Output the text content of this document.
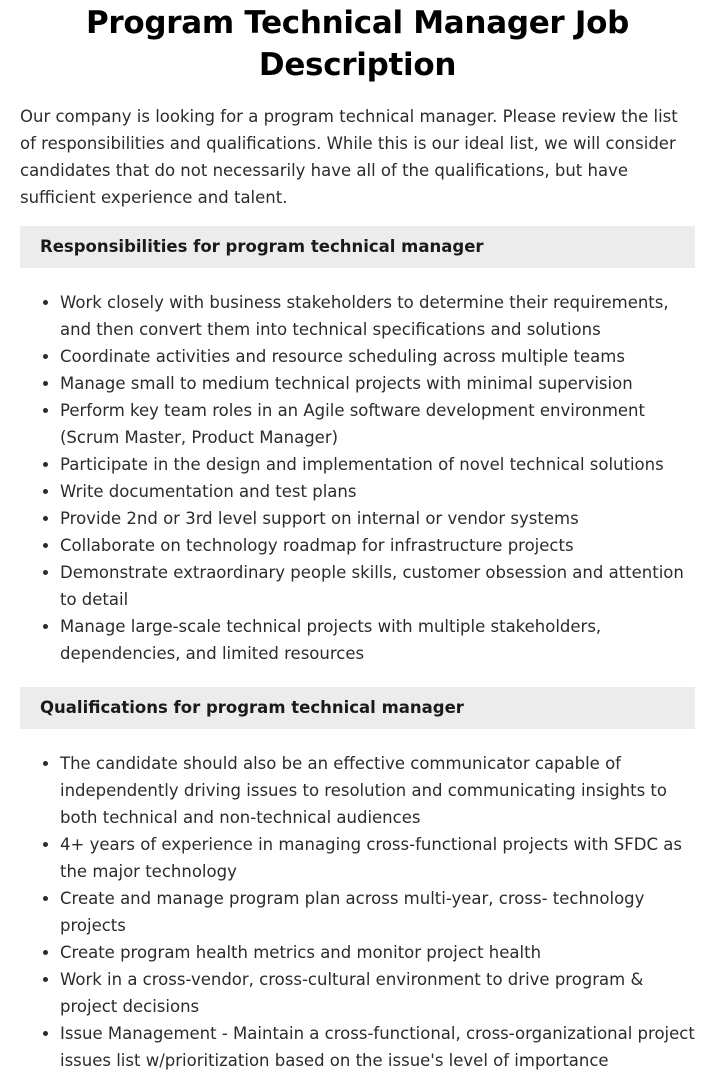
Program Technical Manager Job Description

Our company is looking for a program technical manager. Please review the list of responsibilities and qualifications. While this is our ideal list, we will consider candidates that do not necessarily have all of the qualifications, but have sufficient experience and talent.

Responsibilities for program technical manager
• Work closely with business stakeholders to determine their requirements, and then convert them into technical specifications and solutions
• Coordinate activities and resource scheduling across multiple teams
• Manage small to medium technical projects with minimal supervision
• Perform key team roles in an Agile software development environment (Scrum Master, Product Manager)
• Participate in the design and implementation of novel technical solutions
• Write documentation and test plans
• Provide 2nd or 3rd level support on internal or vendor systems
• Collaborate on technology roadmap for infrastructure projects
• Demonstrate extraordinary people skills, customer obsession and attention to detail
• Manage large-scale technical projects with multiple stakeholders, dependencies, and limited resources
Qualifications for program technical manager
• The candidate should also be an effective communicator capable of independently driving issues to resolution and communicating insights to both technical and non-technical audiences
• 4+ years of experience in managing cross-functional projects with SFDC as the major technology
• Create and manage program plan across multi-year, cross- technology projects
• Create program health metrics and monitor project health
• Work in a cross-vendor, cross-cultural environment to drive program & project decisions
• Issue Management - Maintain a cross-functional, cross-organizational project issues list w/prioritization based on the issue's level of importance
